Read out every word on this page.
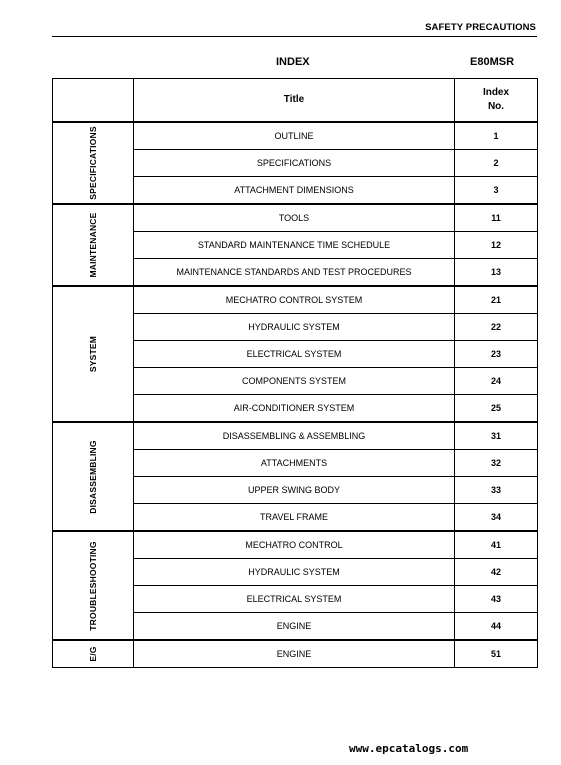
SAFETY PRECAUTIONS
INDEX	E80MSR
	Title	Index
No.

SPECIFICATIONS	OUTLINE	1
	SPECIFICATIONS	2
	ATTACHMENT DIMENSIONS	3

MAINTENANCE	TOOLS	11
	STANDARD MAINTENANCE TIME SCHEDULE	12
	MAINTENANCE STANDARDS AND TEST PROCEDURES	13

SYSTEM	MECHATRO CONTROL SYSTEM	21
	HYDRAULIC SYSTEM	22
	ELECTRICAL SYSTEM	23
	COMPONENTS SYSTEM	24
	AIR-CONDITIONER SYSTEM	25

DISASSEMBLING	DISASSEMBLING & ASSEMBLING	31
	ATTACHMENTS	32
	UPPER SWING BODY	33
	TRAVEL FRAME	34

TROUBLESHOOTING	MECHATRO CONTROL	41
	HYDRAULIC SYSTEM	42
	ELECTRICAL SYSTEM	43
	ENGINE	44

E/G	ENGINE	51
www.epcatalogs.com
